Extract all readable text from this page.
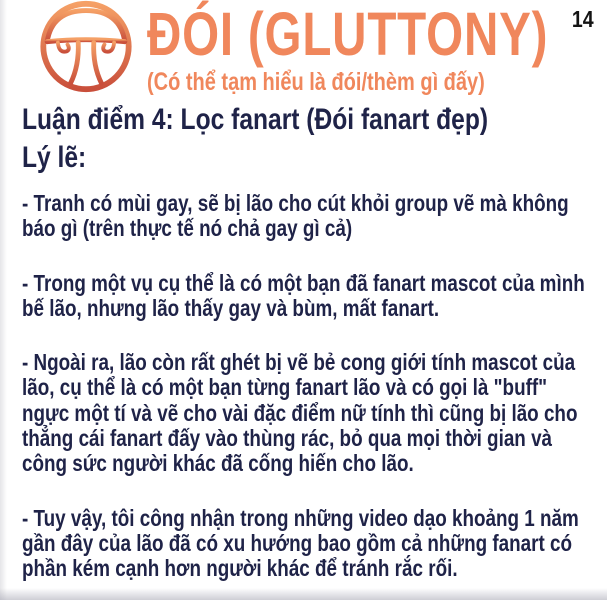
ĐÓI (GLUTTONY)
(Có thể tạm hiểu là đói/thèm gì đấy)
14
Luận điểm 4: Lọc fanart (Đói fanart đẹp)
Lý lẽ:

- Tranh có mùi gay, sẽ bị lão cho cút khỏi group vẽ mà không báo gì (trên thực tế nó chả gay gì cả)

- Trong một vụ cụ thể là có một bạn đã fanart mascot của mình bế lão, nhưng lão thấy gay và bùm, mất fanart.

- Ngoài ra, lão còn rất ghét bị vẽ bẻ cong giới tính mascot của lão, cụ thể là có một bạn từng fanart lão và có gọi là "buff" ngực một tí và vẽ cho vài đặc điểm nữ tính thì cũng bị lão cho thẳng cái fanart đấy vào thùng rác, bỏ qua mọi thời gian và công sức người khác đã cống hiến cho lão.

- Tuy vậy, tôi công nhận trong những video dạo khoảng 1 năm gần đây của lão đã có xu hướng bao gồm cả những fanart có phần kém cạnh hơn người khác để tránh rắc rối.
